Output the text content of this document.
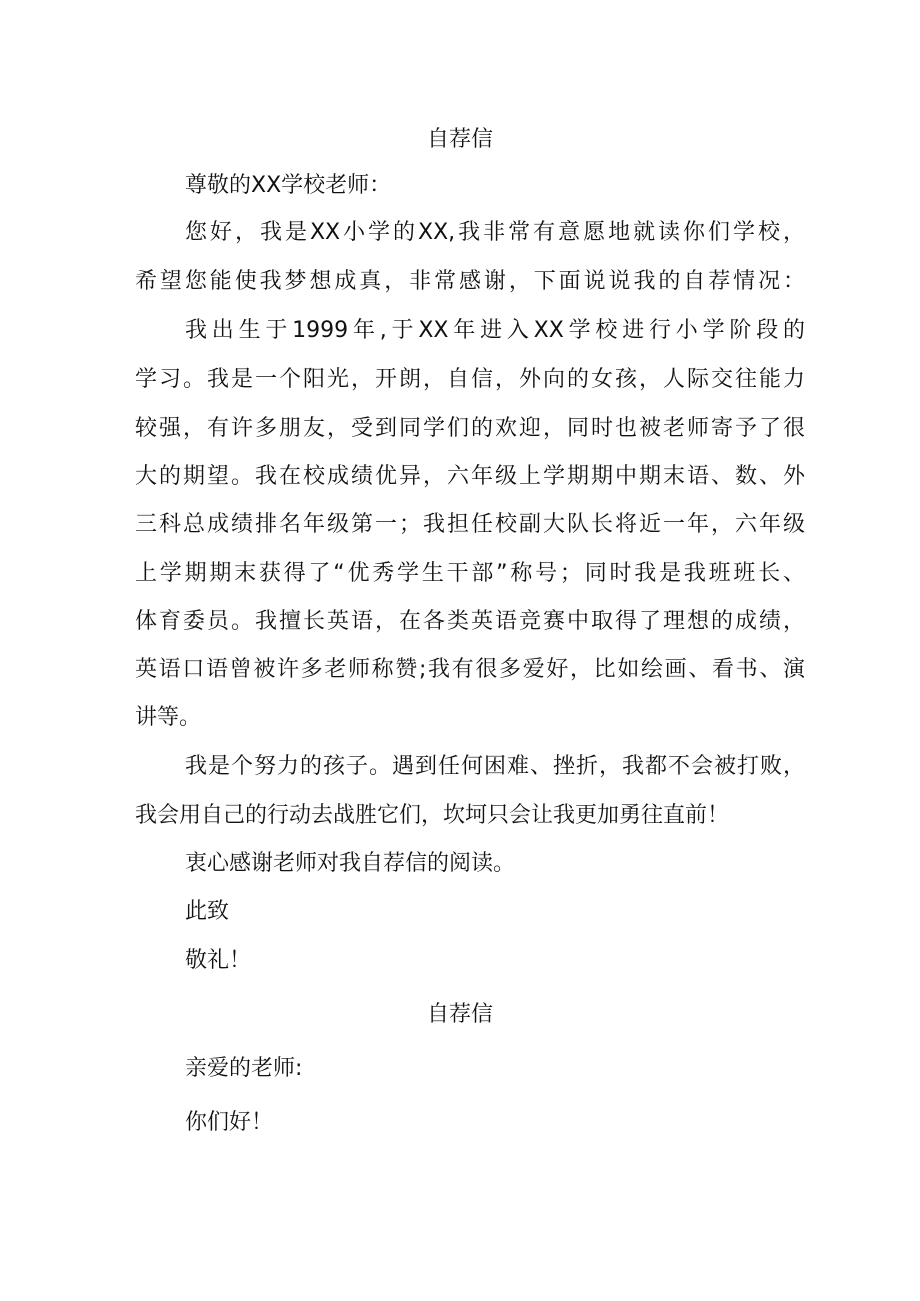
自荐信
尊敬的XX学校老师：
您好，我是XX小学的XX,我非常有意愿地就读你们学校，
希望您能使我梦想成真，非常感谢，下面说说我的自荐情况：
我出生于1999年,于XX年进入XX学校进行小学阶段的
学习。我是一个阳光，开朗，自信，外向的女孩，人际交往能力
较强，有许多朋友，受到同学们的欢迎，同时也被老师寄予了很
大的期望。我在校成绩优异，六年级上学期期中期末语、数、外
三科总成绩排名年级第一；我担任校副大队长将近一年，六年级
上学期期末获得了“优秀学生干部”称号；同时我是我班班长、
体育委员。我擅长英语，在各类英语竞赛中取得了理想的成绩，
英语口语曾被许多老师称赞;我有很多爱好，比如绘画、看书、演
讲等。
我是个努力的孩子。遇到任何困难、挫折，我都不会被打败，
我会用自己的行动去战胜它们，坎坷只会让我更加勇往直前！
衷心感谢老师对我自荐信的阅读。
此致
敬礼！
自荐信
亲爱的老师:
你们好！
